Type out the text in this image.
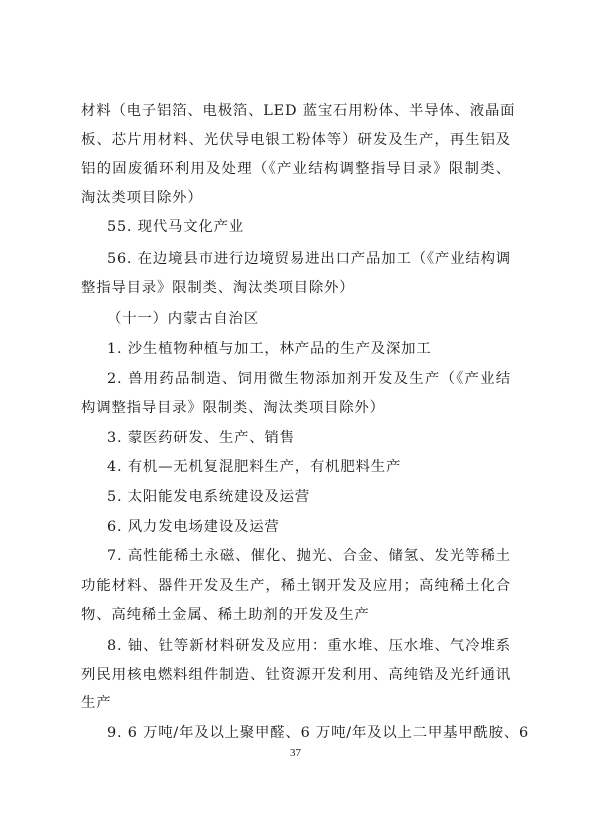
材料（电子铝箔、电极箔、LED 蓝宝石用粉体、半导体、液晶面
板、芯片用材料、光伏导电银工粉体等）研发及生产，再生铝及
铝的固废循环利用及处理（《产业结构调整指导目录》限制类、
淘汰类项目除外）
55. 现代马文化产业
56. 在边境县市进行边境贸易进出口产品加工（《产业结构调
整指导目录》限制类、淘汰类项目除外）
（十一）内蒙古自治区
1. 沙生植物种植与加工，林产品的生产及深加工
2. 兽用药品制造、饲用微生物添加剂开发及生产（《产业结
构调整指导目录》限制类、淘汰类项目除外）
3. 蒙医药研发、生产、销售
4. 有机—无机复混肥料生产，有机肥料生产
5. 太阳能发电系统建设及运营
6. 风力发电场建设及运营
7. 高性能稀土永磁、催化、抛光、合金、储氢、发光等稀土
功能材料、器件开发及生产，稀土钢开发及应用；高纯稀土化合
物、高纯稀土金属、稀土助剂的开发及生产
8. 铀、钍等新材料研发及应用：重水堆、压水堆、气冷堆系
列民用核电燃料组件制造、钍资源开发利用、高纯锆及光纤通讯
生产
9. 6 万吨/年及以上聚甲醛、6 万吨/年及以上二甲基甲酰胺、6
37
